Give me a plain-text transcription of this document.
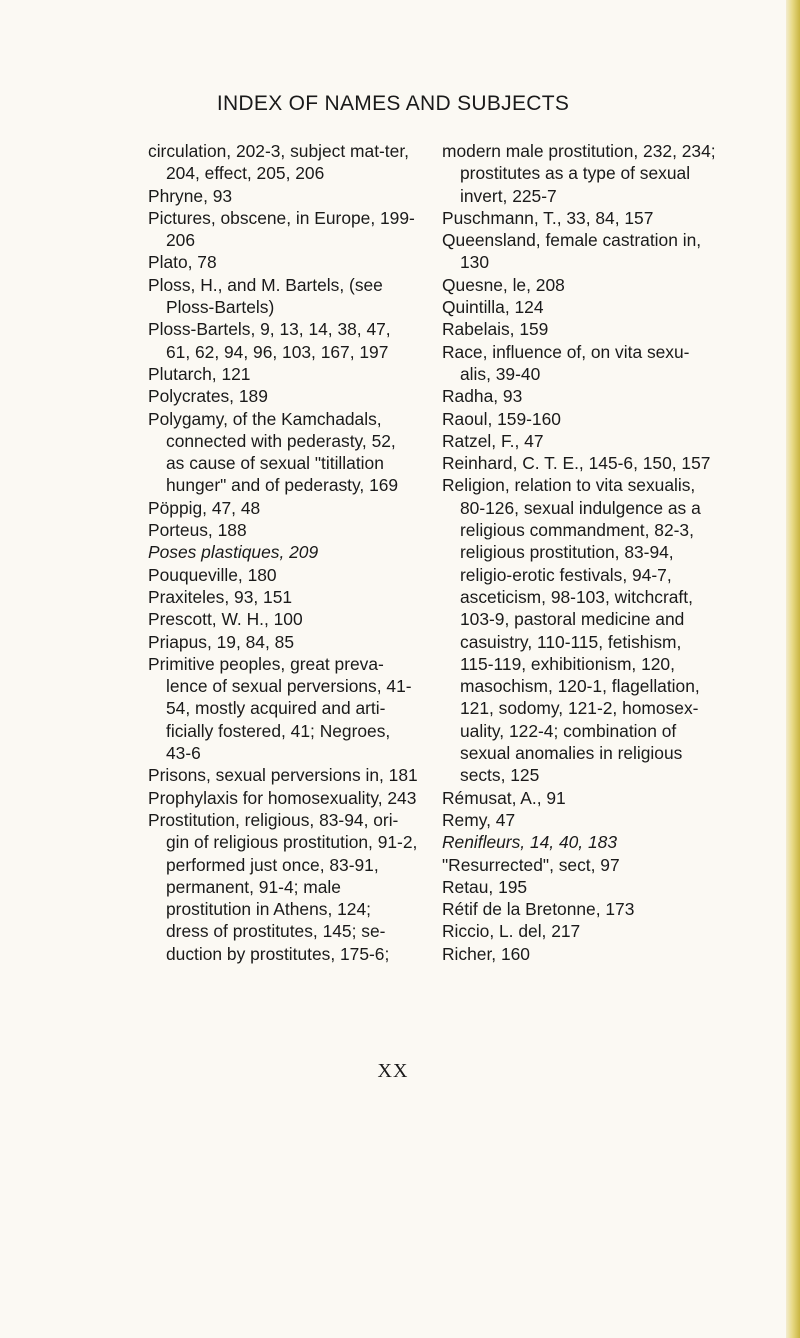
INDEX OF NAMES AND SUBJECTS

circulation, 202-3, subject mat-ter, 204, effect, 205, 206

Phryne, 93

Pictures, obscene, in Europe, 199-206

Plato, 78

Ploss, H., and M. Bartels, (see Ploss-Bartels)

Ploss-Bartels, 9, 13, 14, 38, 47, 61, 62, 94, 96, 103, 167, 197

Plutarch, 121

Polycrates, 189

Polygamy, of the Kamchadals, connected with pederasty, 52, as cause of sexual "titillation hunger" and of pederasty, 169

Pöppig, 47, 48

Porteus, 188

Poses plastiques, 209

Pouqueville, 180

Praxiteles, 93, 151

Prescott, W. H., 100

Priapus, 19, 84, 85

Primitive peoples, great preva-lence of sexual perversions, 41-54, mostly acquired and arti-ficially fostered, 41; Negroes, 43-6

Prisons, sexual perversions in, 181

Prophylaxis for homosexuality, 243

Prostitution, religious, 83-94, ori-gin of religious prostitution, 91-2, performed just once, 83-91, permanent, 91-4; male prostitution in Athens, 124; dress of prostitutes, 145; se-duction by prostitutes, 175-6;

modern male prostitution, 232, 234; prostitutes as a type of sexual invert, 225-7

Puschmann, T., 33, 84, 157

Queensland, female castration in, 130

Quesne, le, 208

Quintilla, 124

Rabelais, 159

Race, influence of, on vita sexu-alis, 39-40

Radha, 93

Raoul, 159-160

Ratzel, F., 47

Reinhard, C. T. E., 145-6, 150, 157

Religion, relation to vita sexualis, 80-126, sexual indulgence as a religious commandment, 82-3, religious prostitution, 83-94, religio-erotic festivals, 94-7, asceticism, 98-103, witchcraft, 103-9, pastoral medicine and casuistry, 110-115, fetishism, 115-119, exhibitionism, 120, masochism, 120-1, flagellation, 121, sodomy, 121-2, homosex-uality, 122-4; combination of sexual anomalies in religious sects, 125

Rémusat, A., 91

Remy, 47

Renifleurs, 14, 40, 183

"Resurrected", sect, 97

Retau, 195

Rétif de la Bretonne, 173

Riccio, L. del, 217

Richer, 160

XX
